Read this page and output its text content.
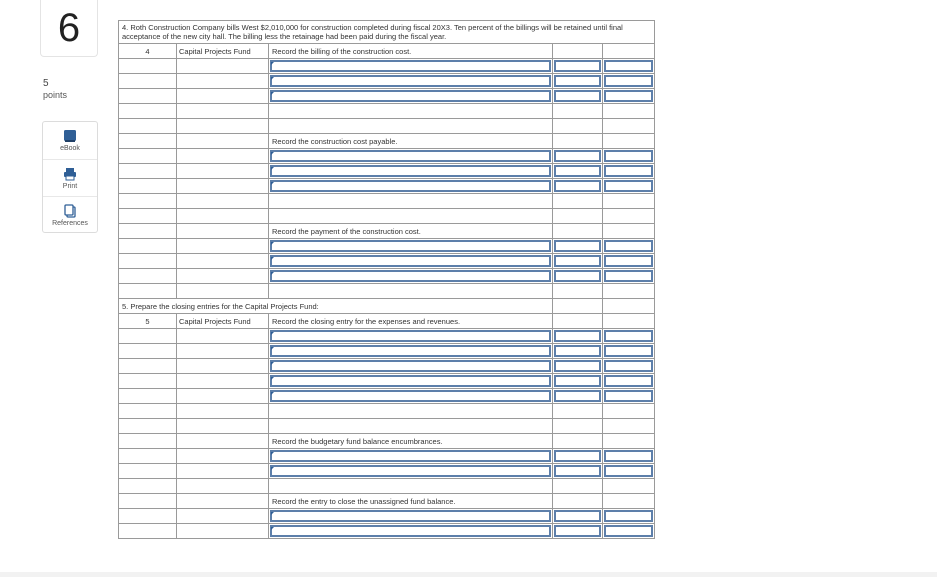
6
5
points
eBook
Print
References
4. Roth Construction Company bills West $2,010,000 for construction completed during fiscal 20X3. Ten percent of the billings will be retained until final acceptance of the new city hall. The billing less the retainage had been paid during the fiscal year.				
4	Capital Projects Fund	Record the billing of the construction cost.		

		Record the construction cost payable.		

		Record the payment of the construction cost.		

5. Prepare the closing entries for the Capital Projects Fund:				
5	Capital Projects Fund	Record the closing entry for the expenses and revenues.		

		Record the budgetary fund balance encumbrances.		

		Record the entry to close the unassigned fund balance.		
